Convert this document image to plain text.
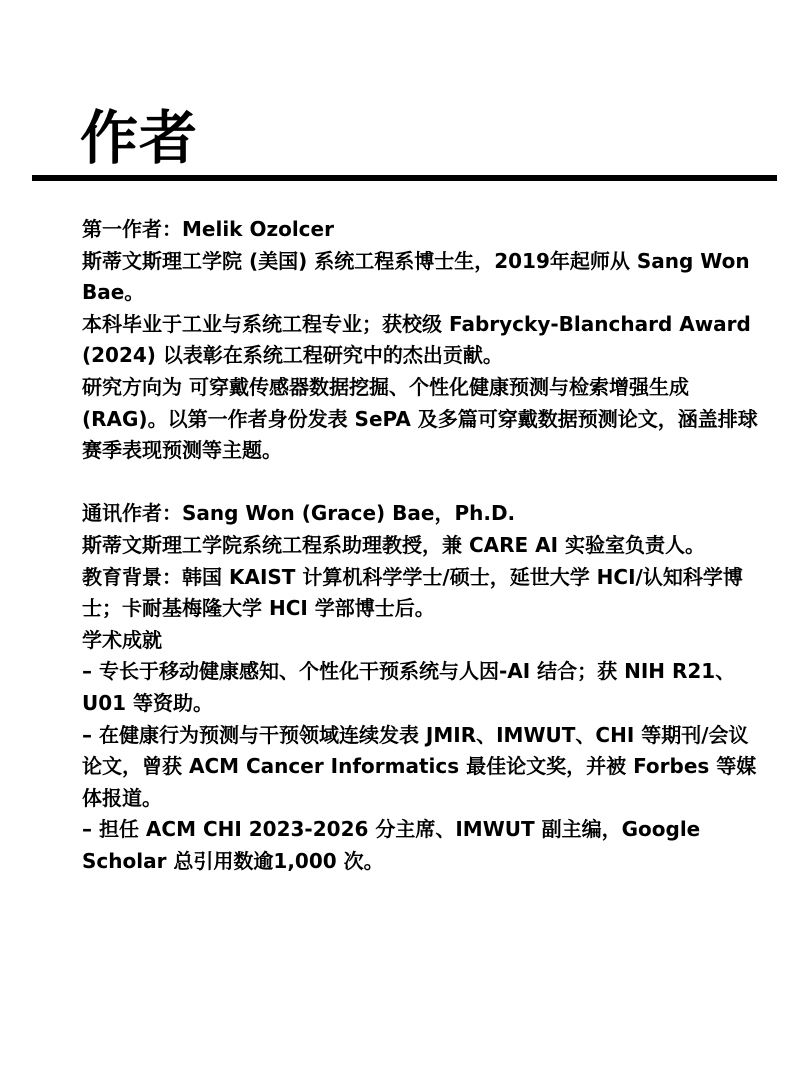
作者

第一作者：Melik Ozolcer

斯蒂文斯理工学院 (美国) 系统工程系博士生，2019年起师从 Sang Won Bae。

本科毕业于工业与系统工程专业；获校级 Fabrycky-Blanchard Award (2024) 以表彰在系统工程研究中的杰出贡献。

研究方向为 可穿戴传感器数据挖掘、个性化健康预测与检索增强生成 (RAG)。以第一作者身份发表 SePA 及多篇可穿戴数据预测论文，涵盖排球赛季表现预测等主题。

通讯作者：Sang Won (Grace) Bae，Ph.D.

斯蒂文斯理工学院系统工程系助理教授，兼 CARE AI 实验室负责人。

教育背景：韩国 KAIST 计算机科学学士/硕士，延世大学 HCI/认知科学博士；卡耐基梅隆大学 HCI 学部博士后。

学术成就

– 专长于移动健康感知、个性化干预系统与人因-AI 结合；获 NIH R21、U01 等资助。

– 在健康行为预测与干预领域连续发表 JMIR、IMWUT、CHI 等期刊/会议论文，曾获 ACM Cancer Informatics 最佳论文奖，并被 Forbes 等媒体报道。

– 担任 ACM CHI 2023-2026 分主席、IMWUT 副主编，Google Scholar 总引用数逾1,000 次。
